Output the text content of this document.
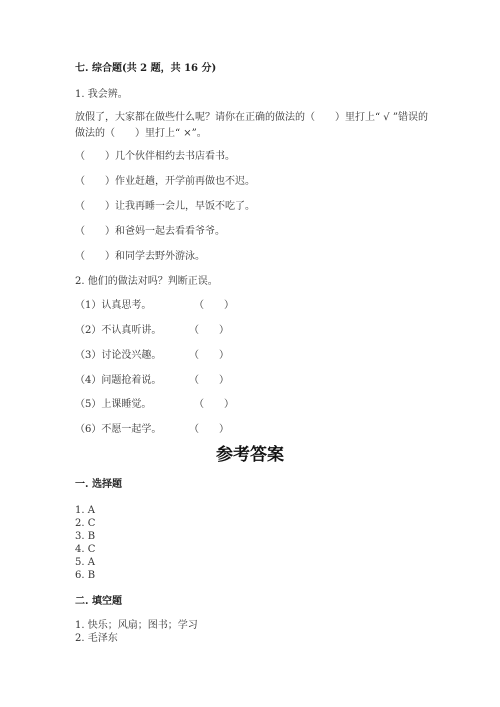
七. 综合题(共 2 题，共 16 分)
1. 我会辨。
放假了，大家都在做些什么呢？请你在正确的做法的（　　）里打上“ √ ”错误的做法的（　　）里打上“ ×”。
（　　）几个伙伴相约去书店看书。
（　　）作业赶趟，开学前再做也不迟。
（　　）让我再睡一会儿，早饭不吃了。
（　　）和爸妈一起去看看爷爷。
（　　）和同学去野外游泳。
2. 他们的做法对吗？判断正误。
（1）认真思考。	（　　）
（2）不认真听讲。	（　　）
（3）讨论没兴趣。	（　　）
（4）问题抢着说。	（　　）
（5）上课睡觉。	（　　）
（6）不愿一起学。	（　　）
参考答案
一. 选择题
1. A
2. C
3. B
4. C
5. A
6. B
二. 填空题
1. 快乐；风扇；图书；学习
2. 毛泽东
